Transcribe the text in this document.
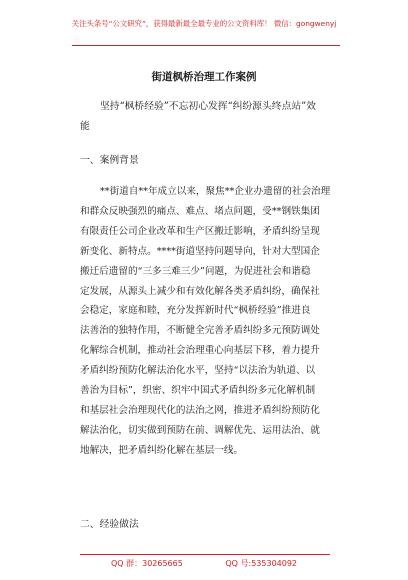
关注头条号“公文研究”，获得最新最全最专业的公文资料库！ 微信：gongwenyj
街道枫桥治理工作案例
坚持“枫桥经验”不忘初心发挥“纠纷源头终点站”效
能
一、案例背景
**街道自**年成立以来，聚焦**企业办遗留的社会治理
和群众反映强烈的痛点、难点、堵点问题，受**钢铁集团
有限责任公司企业改革和生产区搬迁影响，矛盾纠纷呈现
新变化、新特点。****街道坚持问题导向，针对大型国企
搬迁后遗留的“三多三难三少”问题，为促进社会和谐稳
定发展，从源头上减少和有效化解各类矛盾纠纷，确保社
会稳定，家庭和睦，充分发挥新时代“枫桥经验”推进良
法善治的独特作用，不断健全完善矛盾纠纷多元预防调处
化解综合机制，推动社会治理重心向基层下移，着力提升
矛盾纠纷预防化解法治化水平，坚持“以法治为轨道、以
善治为目标”，织密、织牢中国式矛盾纠纷多元化解机制
和基层社会治理现代化的法治之网，推进矛盾纠纷预防化
解法治化，切实做到预防在前、调解优先、运用法治、就
地解决，把矛盾纠纷化解在基层一线。
二、经验做法
QQ 群：30265665	QQ 号:535304092
